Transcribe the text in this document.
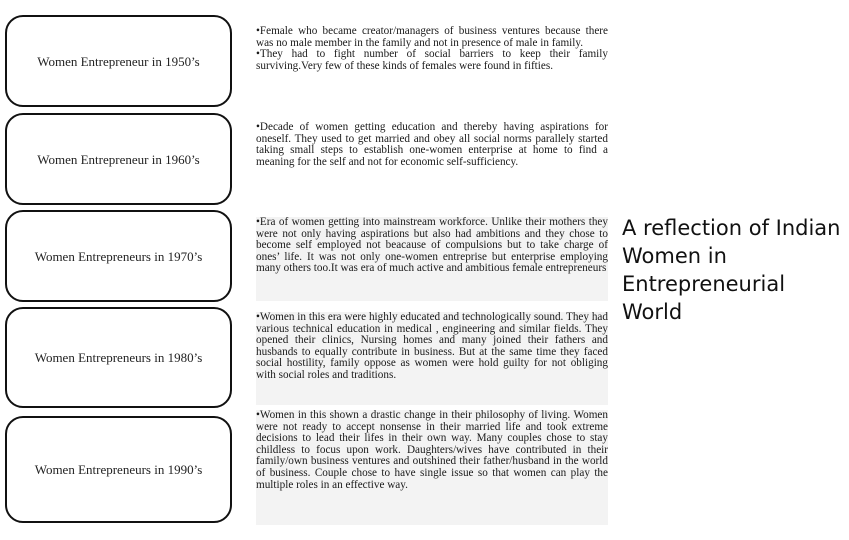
Women Entrepreneur in 1950’s
Women Entrepreneur in 1960’s
Women Entrepreneurs in 1970’s
Women Entrepreneurs in 1980’s
Women Entrepreneurs in 1990’s

•Female who became creator/managers of business ventures because there was no male member in the family and not in presence of male in family.

•They had to fight number of social barriers to keep their family surviving.Very few of these kinds of females were found in fifties.

•Decade of women getting education and thereby having aspirations for oneself. They used to get married and obey all social norms parallely started taking small steps to establish one-women enterprise at home to find a meaning for the self and not for economic self-sufficiency.

•Era of women getting into mainstream workforce. Unlike their mothers they were not only having aspirations but also had ambitions and they chose to become self employed not beacause of compulsions but to take charge of ones’ life. It was not only one-women entreprise but enterprise employing many others too.It was era of much active and ambitious female entrepreneurs

•Women in this era were highly educated and technologically sound. They had various technical education in medical , engineering and similar fields. They opened their clinics, Nursing homes and many joined their fathers and husbands to equally contribute in business. But at the same time they faced social hostility, family oppose as women were hold guilty for not obliging with social roles and traditions.

•Women in this shown a drastic change in their philosophy of living. Women were not ready to accept nonsense in their married life and took extreme decisions to lead their lifes in their own way. Many couples chose to stay childless to focus upon work. Daughters/wives have contributed in their family/own business ventures and outshined their father/husband in the world of business. Couple chose to have single issue so that women can play the multiple roles in an effective way.

A reflection of Indian Women in Entrepreneurial World
